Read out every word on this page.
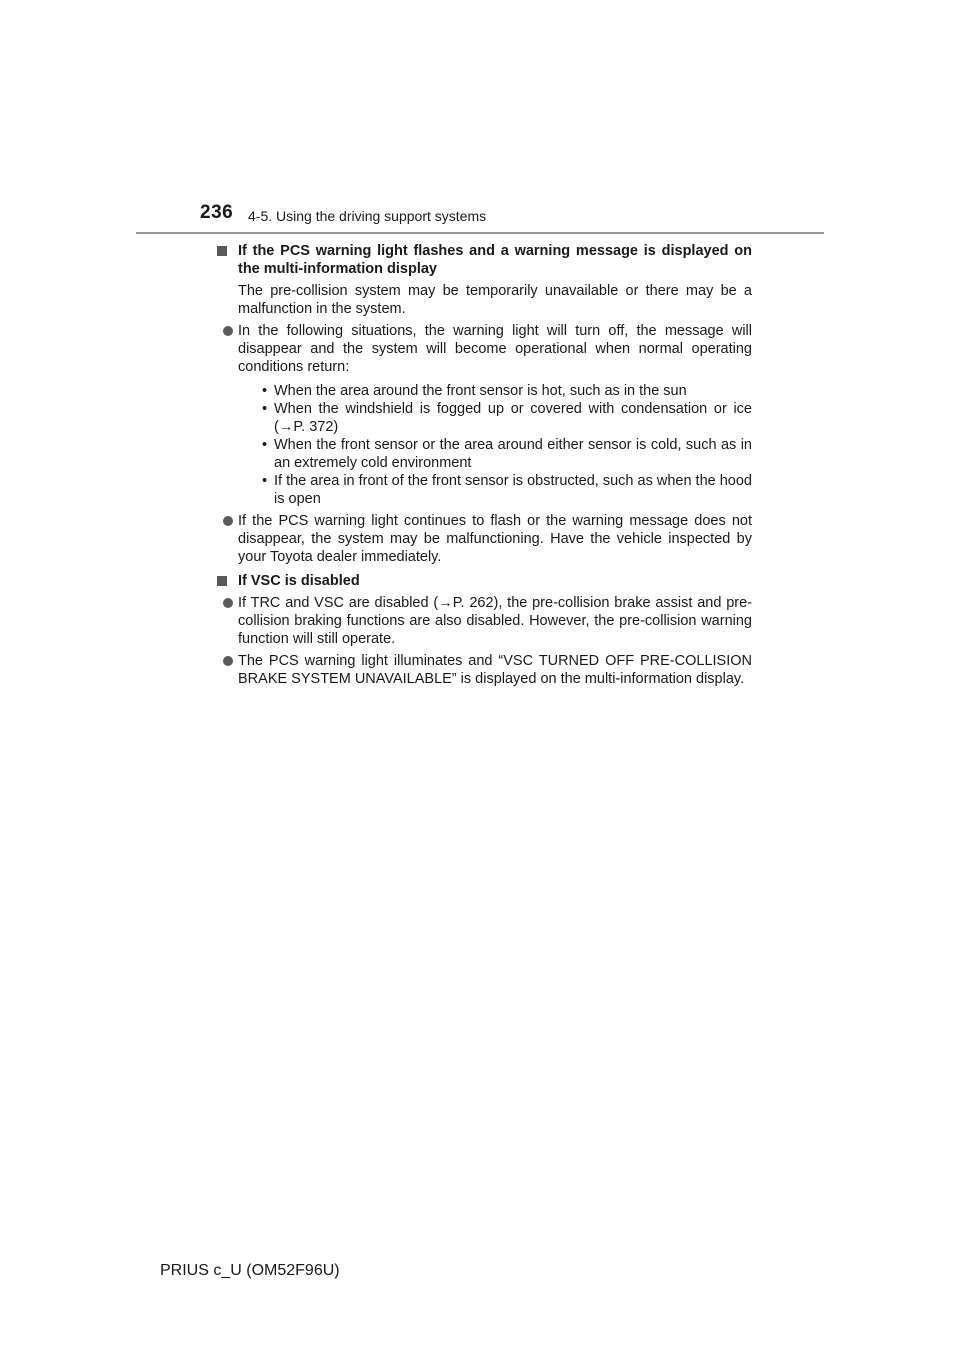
236 4-5. Using the driving support systems

If the PCS warning light flashes and a warning message is displayed on the multi-information display

The pre-collision system may be temporarily unavailable or there may be a malfunction in the system.

In the following situations, the warning light will turn off, the message will disappear and the system will become operational when normal operating conditions return:
• When the area around the front sensor is hot, such as in the sun
• When the windshield is fogged up or covered with condensation or ice (→P. 372)
• When the front sensor or the area around either sensor is cold, such as in an extremely cold environment
• If the area in front of the front sensor is obstructed, such as when the hood is open
If the PCS warning light continues to flash or the warning message does not disappear, the system may be malfunctioning. Have the vehicle inspected by your Toyota dealer immediately.

If VSC is disabled

If TRC and VSC are disabled (→P. 262), the pre-collision brake assist and pre-collision braking functions are also disabled. However, the pre-collision warning function will still operate.
The PCS warning light illuminates and “VSC TURNED OFF PRE-COLLISION BRAKE SYSTEM UNAVAILABLE” is displayed on the multi-information display.
PRIUS c_U (OM52F96U)
